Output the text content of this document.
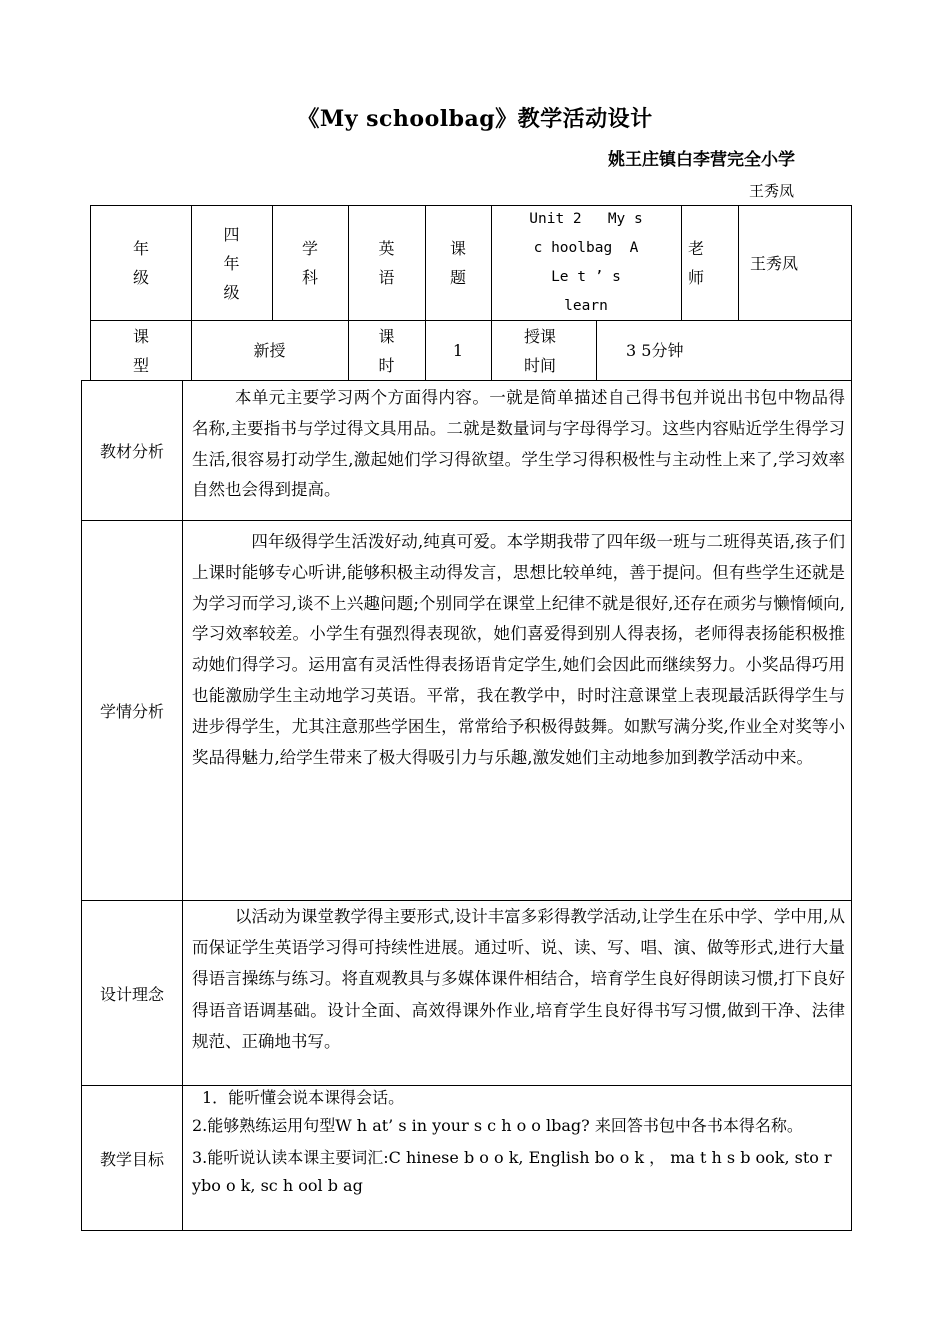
《My schoolbag》教学活动设计
姚王庄镇白李营完全小学
王秀凤
年
级
四
年
级
学
科
英
语
课
题
Unit 2   My s
c hoolbag  A
Le t ’ s
learn
老
师
王秀凤
课
型
新授
课
时
1
授课
时间
3 5分钟
教材分析
本单元主要学习两个方面得内容。一就是简单描述自己得书包并说出书包中物品得名称,主要指书与学过得文具用品。二就是数量词与字母得学习。这些内容贴近学生得学习生活,很容易打动学生,激起她们学习得欲望。学生学习得积极性与主动性上来了,学习效率自然也会得到提高。
学情分析
四年级得学生活泼好动,纯真可爱。本学期我带了四年级一班与二班得英语,孩子们上课时能够专心听讲,能够积极主动得发言，思想比较单纯，善于提问。但有些学生还就是为学习而学习,谈不上兴趣问题;个别同学在课堂上纪律不就是很好,还存在顽劣与懒惰倾向,学习效率较差。小学生有强烈得表现欲，她们喜爱得到别人得表扬，老师得表扬能积极推动她们得学习。运用富有灵活性得表扬语肯定学生,她们会因此而继续努力。小奖品得巧用也能激励学生主动地学习英语。平常，我在教学中，时时注意课堂上表现最活跃得学生与进步得学生，尤其注意那些学困生，常常给予积极得鼓舞。如默写满分奖,作业全对奖等小奖品得魅力,给学生带来了极大得吸引力与乐趣,激发她们主动地参加到教学活动中来。
设计理念
以活动为课堂教学得主要形式,设计丰富多彩得教学活动,让学生在乐中学、学中用,从而保证学生英语学习得可持续性进展。通过听、说、读、写、唱、演、做等形式,进行大量得语言操练与练习。将直观教具与多媒体课件相结合，培育学生良好得朗读习惯,打下良好得语音语调基础。设计全面、高效得课外作业,培育学生良好得书写习惯,做到干净、法律规范、正确地书写。
教学目标

1．能听懂会说本课得会话。

2.能够熟练运用句型W h at’ s in your s c h o o lbag? 来回答书包中各书本得名称。

3.能听说认读本课主要词汇:C hinese b o o k, English bo o k ， ma t h s b ook, sto r ybo o k, sc h ool b ag
